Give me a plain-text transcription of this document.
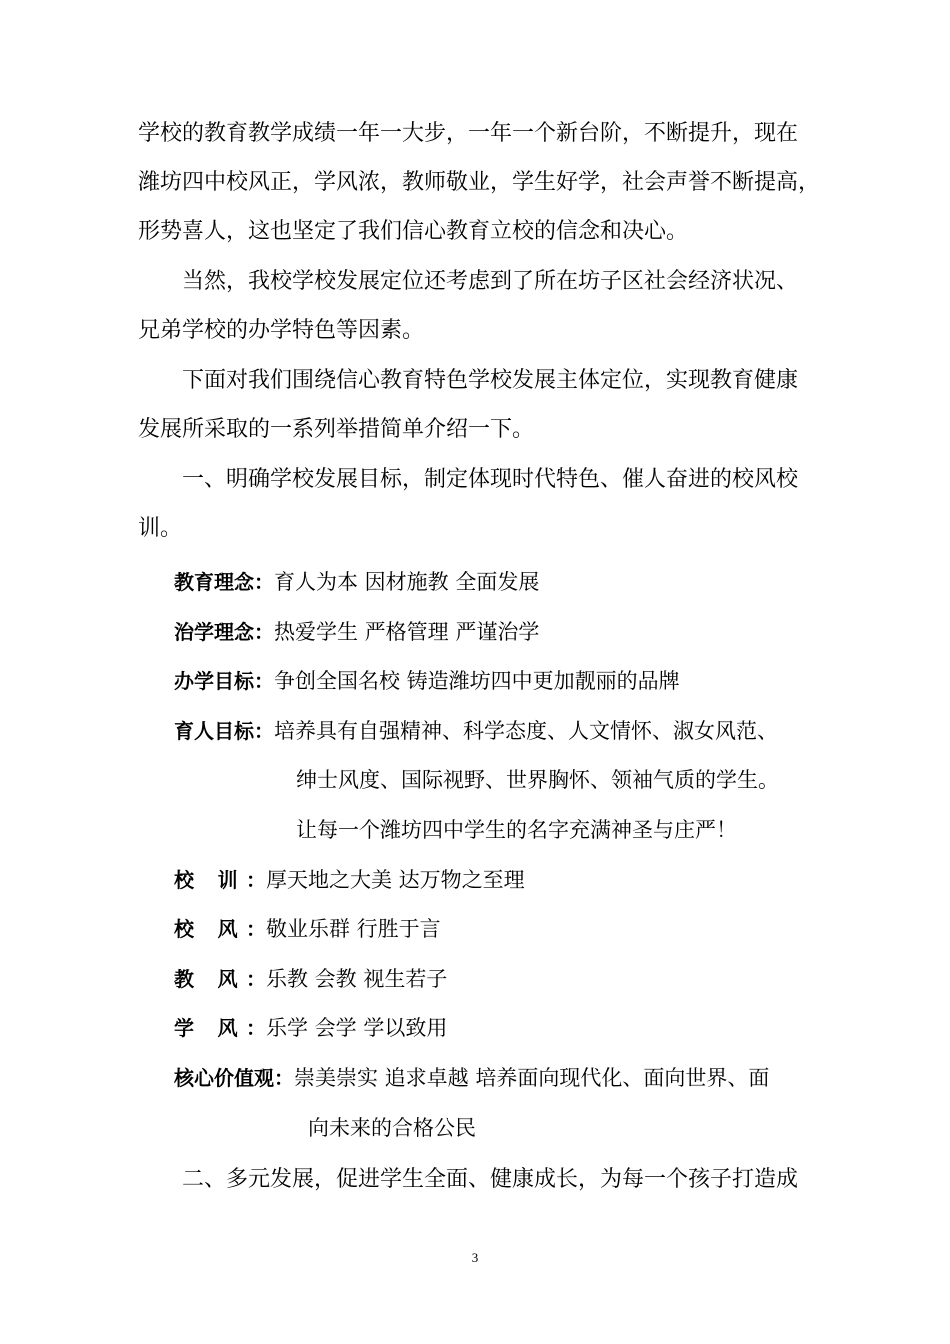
学校的教育教学成绩一年一大步，一年一个新台阶，不断提升，现在
潍坊四中校风正，学风浓，教师敬业，学生好学，社会声誉不断提高，
形势喜人，这也坚定了我们信心教育立校的信念和决心。
当然，我校学校发展定位还考虑到了所在坊子区社会经济状况、
兄弟学校的办学特色等因素。
下面对我们围绕信心教育特色学校发展主体定位，实现教育健康
发展所采取的一系列举措简单介绍一下。
一、明确学校发展目标，制定体现时代特色、催人奋进的校风校
训。
教育理念：育人为本 因材施教 全面发展
治学理念：热爱学生 严格管理 严谨治学
办学目标：争创全国名校 铸造潍坊四中更加靓丽的品牌
育人目标：培养具有自强精神、科学态度、人文情怀、淑女风范、
绅士风度、国际视野、世界胸怀、领袖气质的学生。
让每一个潍坊四中学生的名字充满神圣与庄严！
校 训：厚天地之大美 达万物之至理
校 风：敬业乐群 行胜于言
教 风：乐教 会教 视生若子
学 风：乐学 会学 学以致用
核心价值观：崇美崇实 追求卓越 培养面向现代化、面向世界、面
向未来的合格公民
二、多元发展，促进学生全面、健康成长，为每一个孩子打造成
3
